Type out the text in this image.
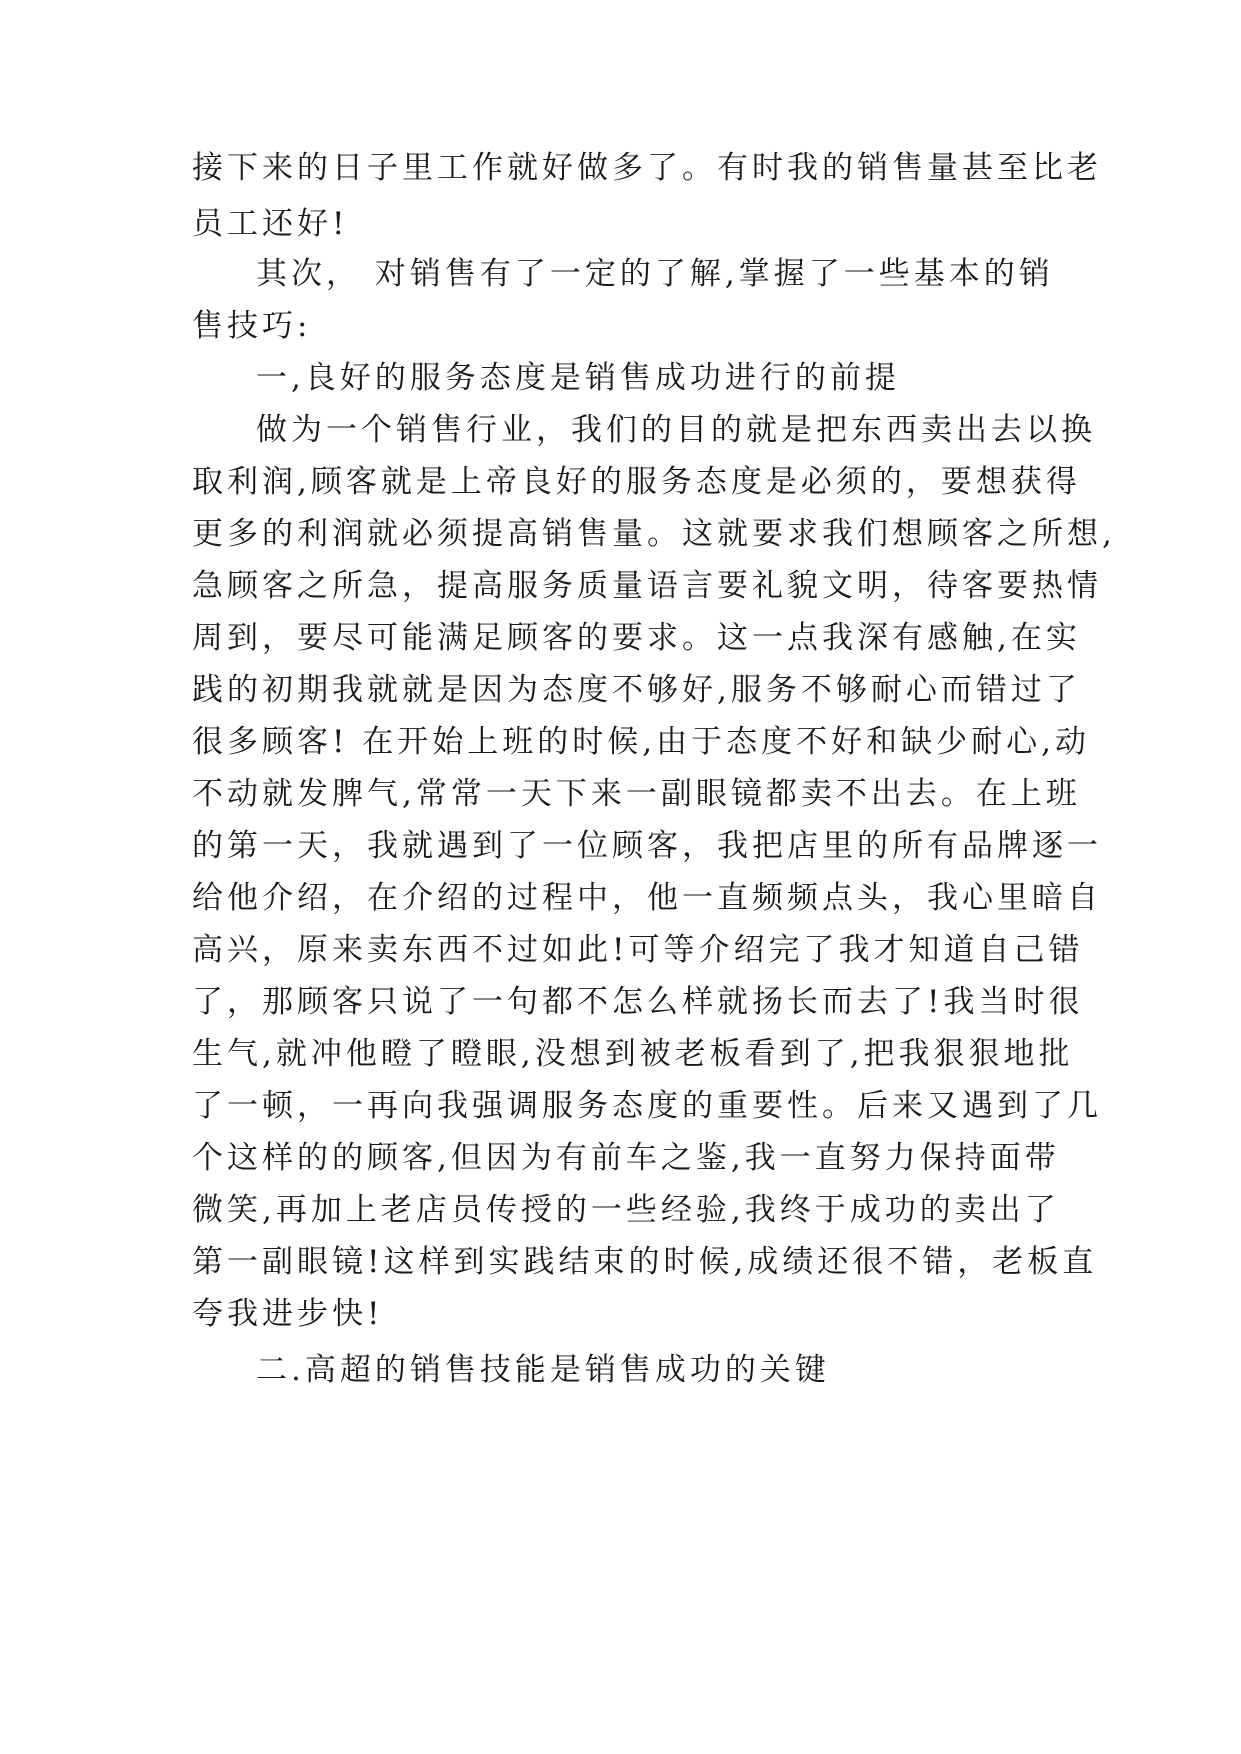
接下来的日子里工作就好做多了。有时我的销售量甚至比老
员工还好!
其次， 对销售有了一定的了解,掌握了一些基本的销
售技巧:
一,良好的服务态度是销售成功进行的前提
做为一个销售行业，我们的目的就是把东西卖出去以换
取利润,顾客就是上帝良好的服务态度是必须的，要想获得
更多的利润就必须提高销售量。这就要求我们想顾客之所想,
急顾客之所急，提高服务质量语言要礼貌文明，待客要热情
周到，要尽可能满足顾客的要求。这一点我深有感触,在实
践的初期我就就是因为态度不够好,服务不够耐心而错过了
很多顾客! 在开始上班的时候,由于态度不好和缺少耐心,动
不动就发脾气,常常一天下来一副眼镜都卖不出去。在上班
的第一天，我就遇到了一位顾客，我把店里的所有品牌逐一
给他介绍，在介绍的过程中，他一直频频点头，我心里暗自
高兴，原来卖东西不过如此!可等介绍完了我才知道自己错
了，那顾客只说了一句都不怎么样就扬长而去了!我当时很
生气,就冲他瞪了瞪眼,没想到被老板看到了,把我狠狠地批
了一顿，一再向我强调服务态度的重要性。后来又遇到了几
个这样的的顾客,但因为有前车之鉴,我一直努力保持面带
微笑,再加上老店员传授的一些经验,我终于成功的卖出了
第一副眼镜!这样到实践结束的时候,成绩还很不错，老板直
夸我进步快!
二.高超的销售技能是销售成功的关键
